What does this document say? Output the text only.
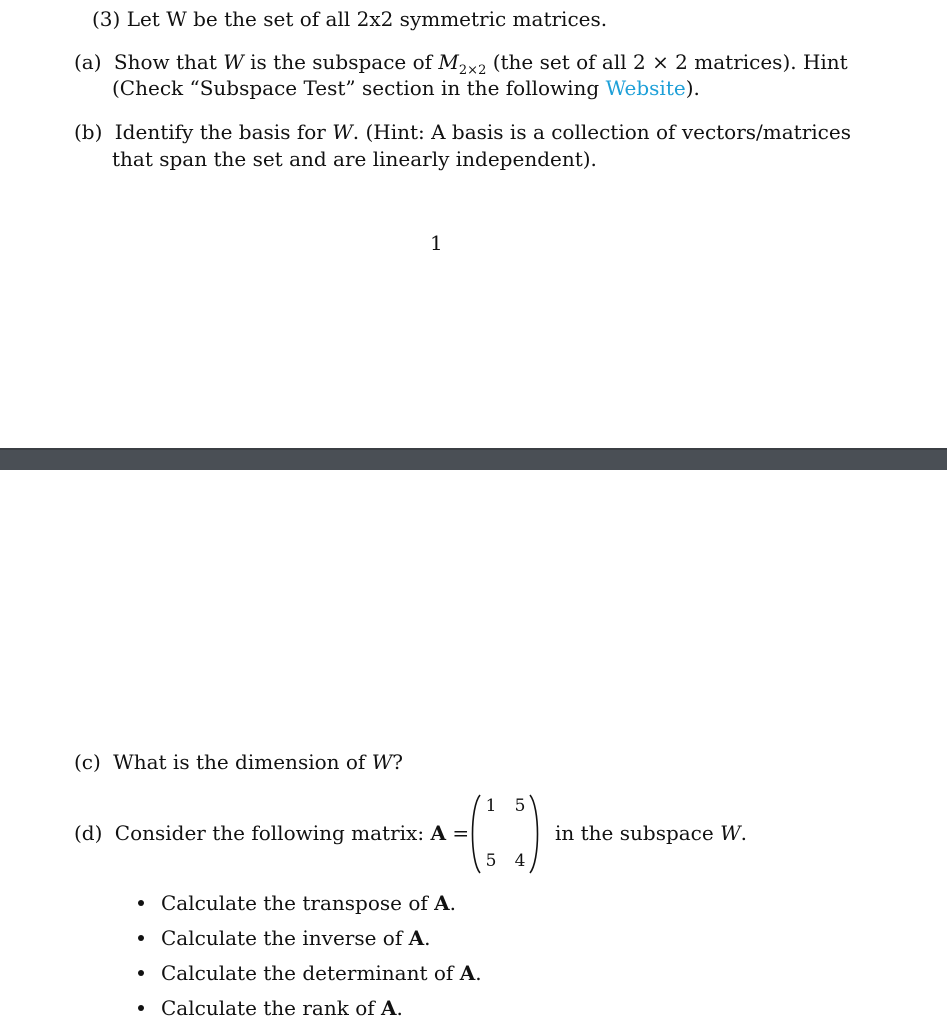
(3) Let W be the set of all 2x2 symmetric matrices.
(a) Show that W is the subspace of $M_{2\times 2}$ (the set of all 2 × 2 matrices). Hint
(Check “Subspace Test” section in the following Website).
(b) Identify the basis for W. (Hint: A basis is a collection of vectors/matrices
that span the set and are linearly independent).
1
(c) What is the dimension of W?
(d) Consider the following matrix: A =
1 5
5 4
in the subspace W.
Calculate the transpose of A.
Calculate the inverse of A.
Calculate the determinant of A.
Calculate the rank of A.
